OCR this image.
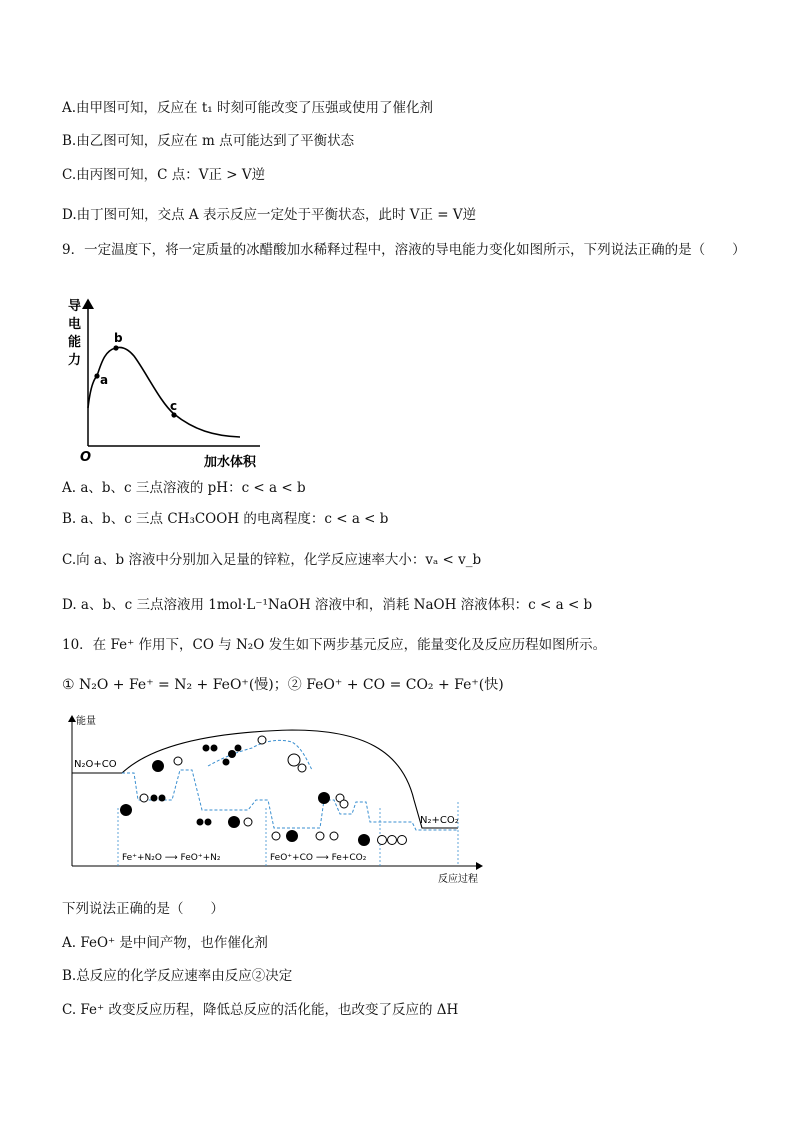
A.由甲图可知，反应在 t₁ 时刻可能改变了压强或使用了催化剂
B.由乙图可知，反应在 m 点可能达到了平衡状态
C.由丙图可知，C 点：V正 > V逆
D.由丁图可知，交点 A 表示反应一定处于平衡状态，此时 V正 = V逆
9．一定温度下，将一定质量的冰醋酸加水稀释过程中，溶液的导电能力变化如图所示，下列说法正确的是（　　）
导
电
能
力
O	加水体积
a
b
c
A. a、b、c 三点溶液的 pH：c < a < b
B. a、b、c 三点 CH₃COOH 的电离程度：c < a < b
C.向 a、b 溶液中分别加入足量的锌粒，化学反应速率大小：vₐ < v_b
D. a、b、c 三点溶液用 1mol·L⁻¹NaOH 溶液中和，消耗 NaOH 溶液体积：c < a < b
10．在 Fe⁺ 作用下，CO 与 N₂O 发生如下两步基元反应，能量变化及反应历程如图所示。
① N₂O + Fe⁺ = N₂ + FeO⁺(慢)；② FeO⁺ + CO = CO₂ + Fe⁺(快)
能量
反应过程
N₂O+CO
N₂+CO₂
Fe⁺+N₂O ⟶ FeO⁺+N₂	FeO⁺+CO ⟶ Fe+CO₂
下列说法正确的是（　　）
A. FeO⁺ 是中间产物，也作催化剂
B.总反应的化学反应速率由反应②决定
C. Fe⁺ 改变反应历程，降低总反应的活化能，也改变了反应的 ΔH
